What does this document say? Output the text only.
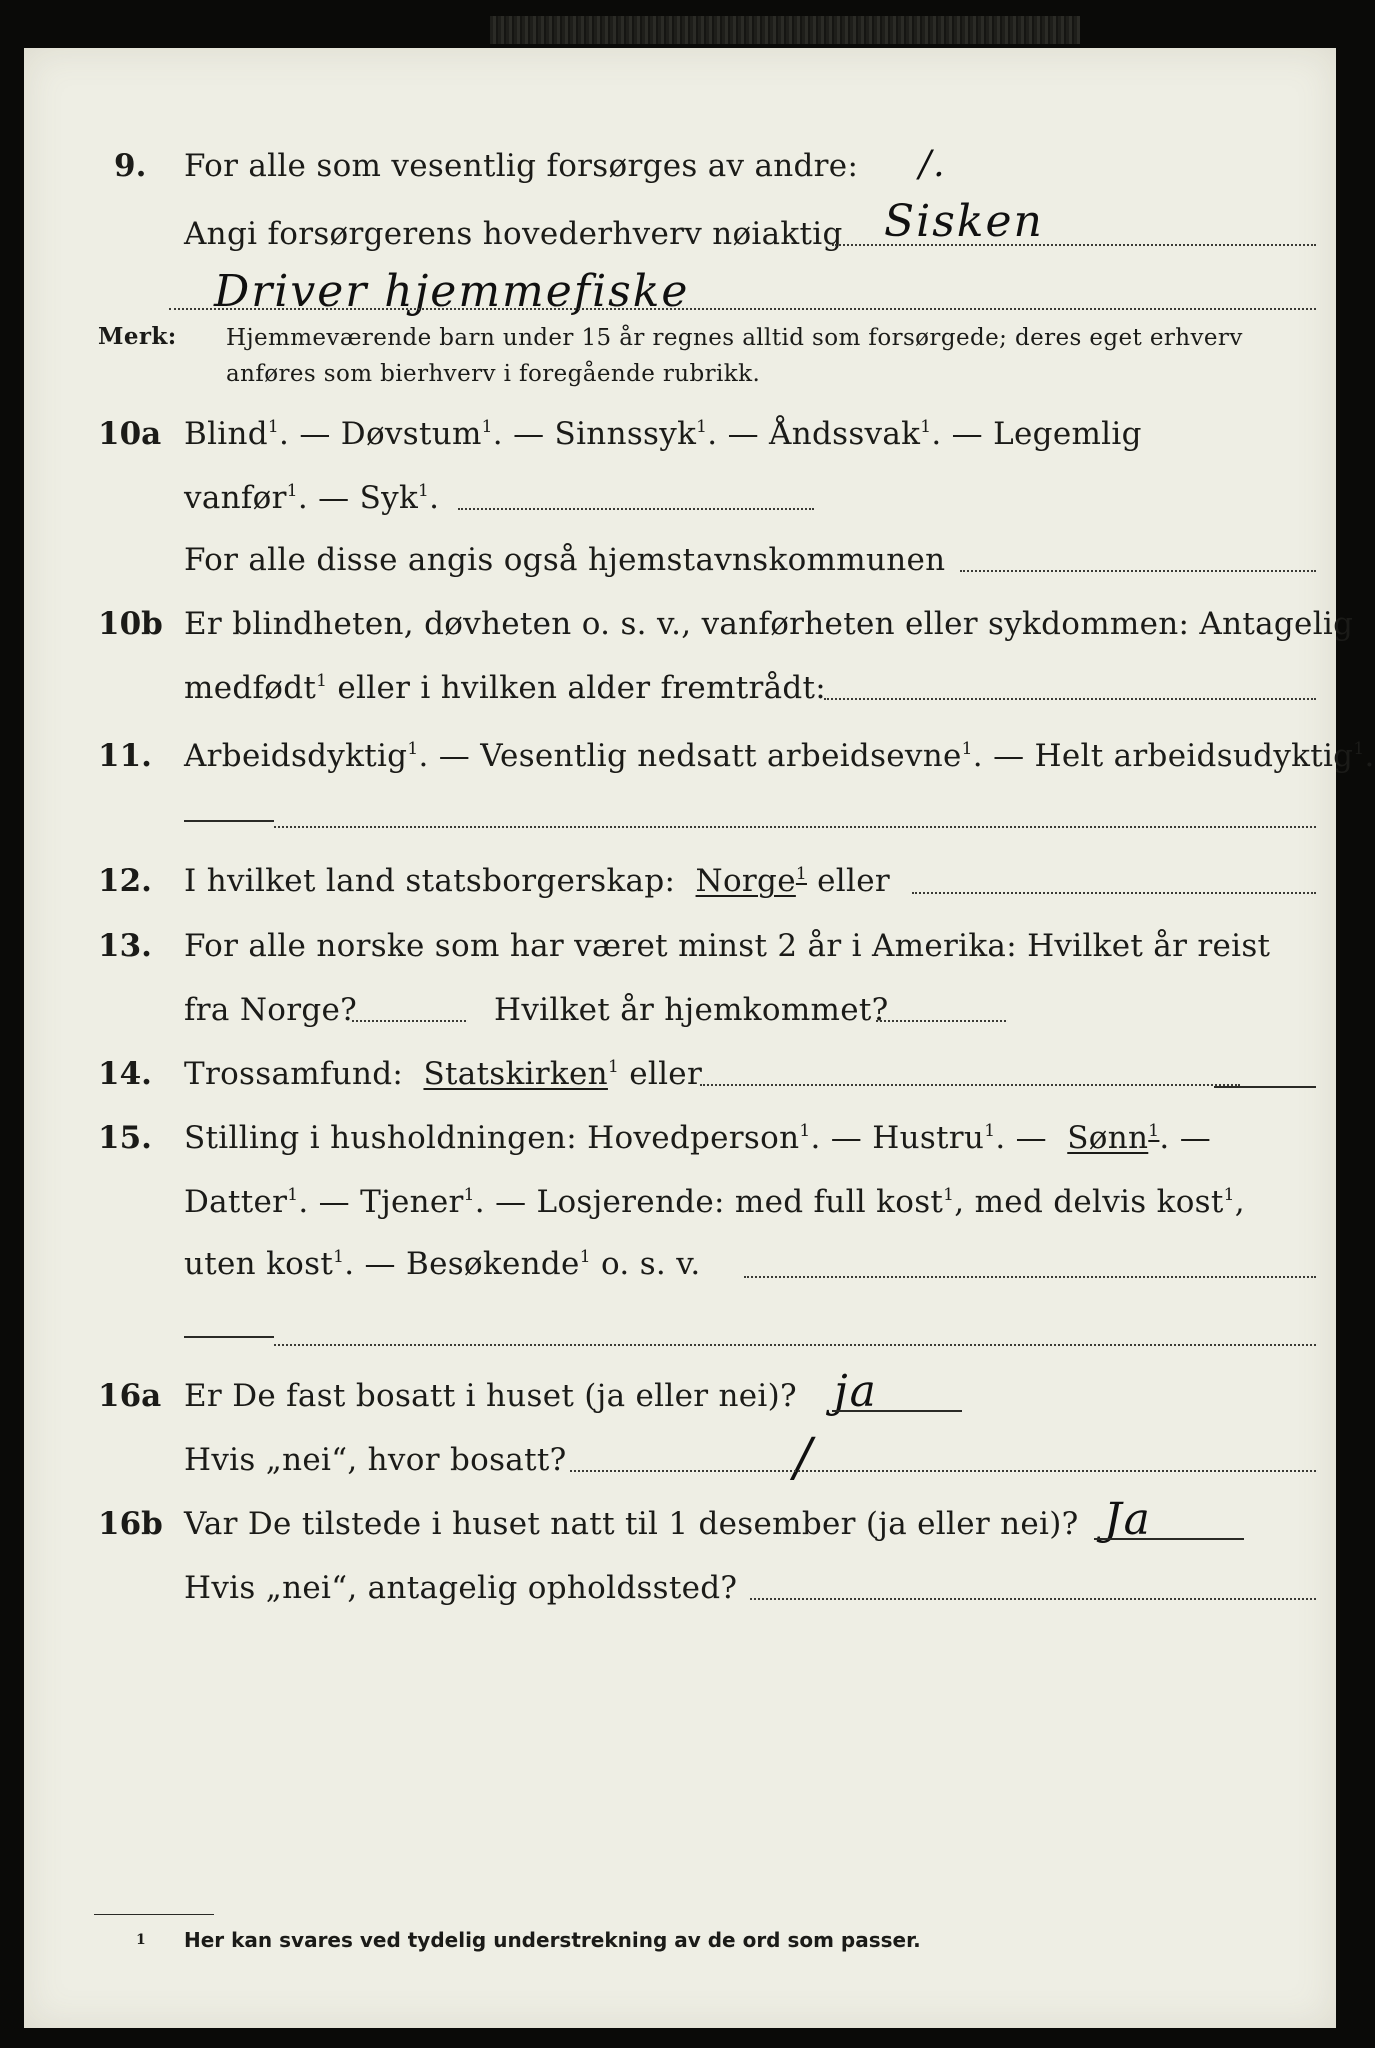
9. For alle som vesentlig forsørges av andre: /.
Angi forsørgerens hovederhverv nøiaktig Sisken
Driver hjemmefiske
Merk: Hjemmeværende barn under 15 år regnes alltid som forsørgede; deres eget erhverv
anføres som bierhverv i foregående rubrikk.
10a Blind$^1$. — Døvstum$^1$. — Sinnssyk$^1$. — Åndssvak$^1$. — Legemlig
vanfør$^1$. — Syk$^1$.
For alle disse angis også hjemstavnskommunen
10b Er blindheten, døvheten o. s. v., vanførheten eller sykdommen: Antagelig
medfødt$^1$ eller i hvilken alder fremtrådt:
11. Arbeidsdyktig$^1$. — Vesentlig nedsatt arbeidsevne$^1$. — Helt arbeidsudyktig$^1$.
12. I hvilket land statsborgerskap: Norge$^1$ eller
13. For alle norske som har været minst 2 år i Amerika: Hvilket år reist
fra Norge?	Hvilket år hjemkommet?
14. Trossamfund: Statskirken$^1$ eller
15. Stilling i husholdningen: Hovedperson$^1$. — Hustru$^1$. — Sønn$^1$. —
Datter$^1$. — Tjener$^1$. — Losjerende: med full kost$^1$, med delvis kost$^1$,
uten kost$^1$. — Besøkende$^1$ o. s. v.
16a Er De fast bosatt i huset (ja eller nei)? ja
/
Hvis „nei“, hvor bosatt?
16b Var De tilstede i huset natt til 1 desember (ja eller nei)? Ja
Hvis „nei“, antagelig opholdssted?
1 Her kan svares ved tydelig understrekning av de ord som passer.
